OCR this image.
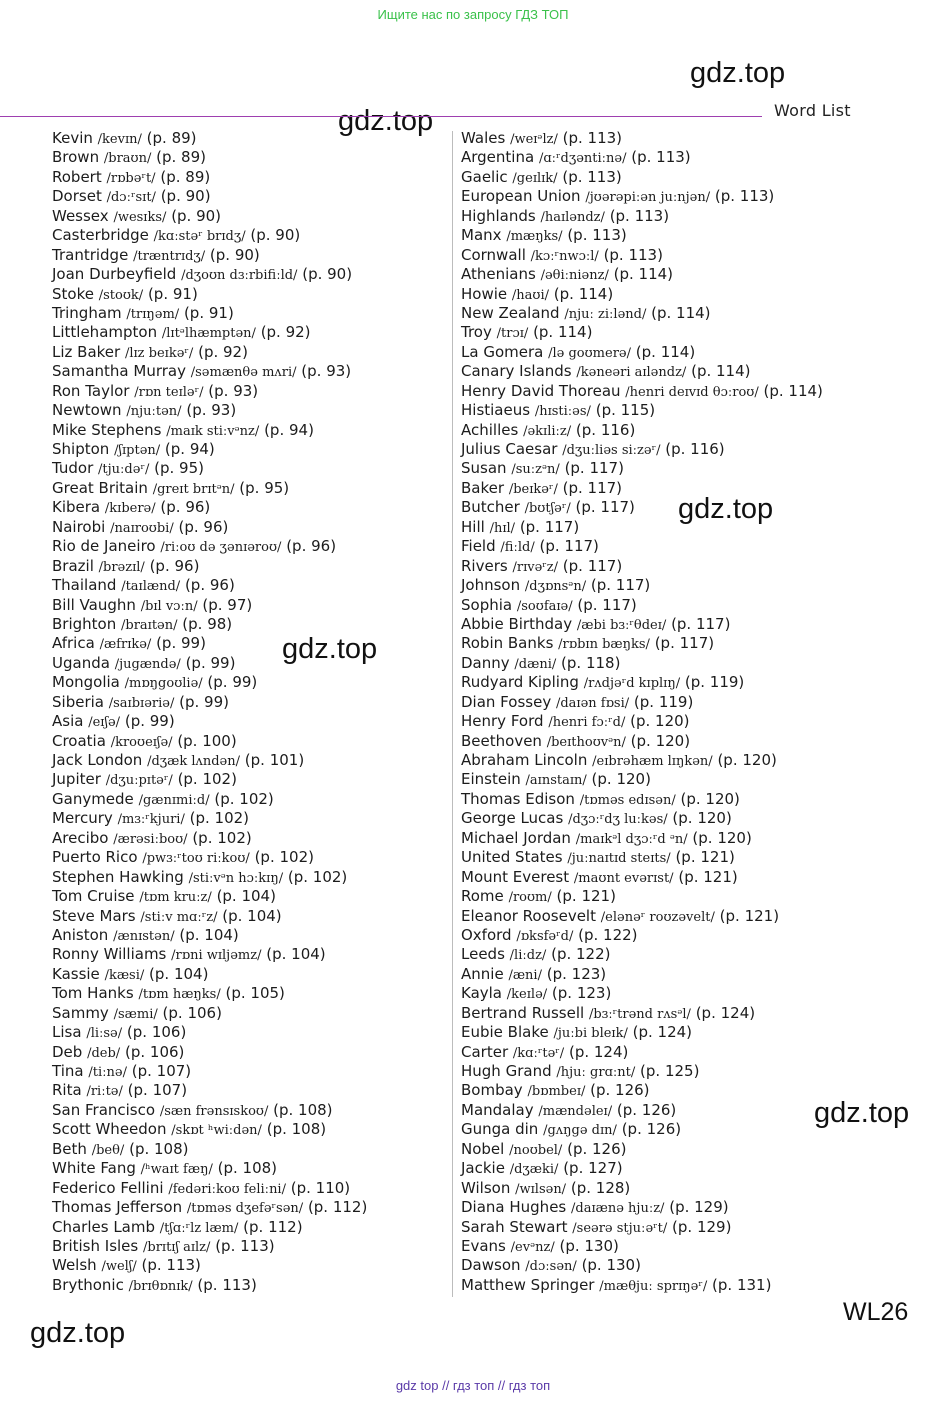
Ищите нас по запросу ГДЗ ТОП
gdz.top
gdz.top
gdz.top
gdz.top
gdz.top
gdz.top
Word List
Kevin /kevɪn/ (p. 89)
Brown /braʊn/ (p. 89)
Robert /rɒbəʳt/ (p. 89)
Dorset /dɔːʳsɪt/ (p. 90)
Wessex /wesɪks/ (p. 90)
Casterbridge /kɑːstəʳ brɪdʒ/ (p. 90)
Trantridge /træntrɪdʒ/ (p. 90)
Joan Durbeyfield /dʒoʊn dɜːrbifiːld/ (p. 90)
Stoke /stoʊk/ (p. 91)
Tringham /trɪŋəm/ (p. 91)
Littlehampton /lɪtᵊlhæmptən/ (p. 92)
Liz Baker /lɪz beɪkəʳ/ (p. 92)
Samantha Murray /səmænθə mʌri/ (p. 93)
Ron Taylor /rɒn teɪləʳ/ (p. 93)
Newtown /njuːtən/ (p. 93)
Mike Stephens /maɪk stiːvᵊnz/ (p. 94)
Shipton /ʃɪptən/ (p. 94)
Tudor /tjuːdəʳ/ (p. 95)
Great Britain /greɪt brɪtᵊn/ (p. 95)
Kibera /kɪberə/ (p. 96)
Nairobi /naɪroʊbi/ (p. 96)
Rio de Janeiro /riːoʊ də ʒənɪəroʊ/ (p. 96)
Brazil /brəzɪl/ (p. 96)
Thailand /taɪlænd/ (p. 96)
Bill Vaughn /bɪl vɔːn/ (p. 97)
Brighton /braɪtən/ (p. 98)
Africa /æfrɪkə/ (p. 99)
Uganda /jugændə/ (p. 99)
Mongolia /mɒŋgoʊliə/ (p. 99)
Siberia /saɪbɪəriə/ (p. 99)
Asia /eɪʃə/ (p. 99)
Croatia /kroʊeɪʃə/ (p. 100)
Jack London /dʒæk lʌndən/ (p. 101)
Jupiter /dʒuːpɪtəʳ/ (p. 102)
Ganymede /gænɪmiːd/ (p. 102)
Mercury /mɜːʳkjuri/ (p. 102)
Arecibo /ærəsiːboʊ/ (p. 102)
Puerto Rico /pwɜːʳtoʊ riːkoʊ/ (p. 102)
Stephen Hawking /stiːvᵊn hɔːkɪŋ/ (p. 102)
Tom Cruise /tɒm kruːz/ (p. 104)
Steve Mars /stiːv mɑːʳz/ (p. 104)
Aniston /ænɪstən/ (p. 104)
Ronny Williams /rɒni wɪljəmz/ (p. 104)
Kassie /kæsi/ (p. 104)
Tom Hanks /tɒm hæŋks/ (p. 105)
Sammy /sæmi/ (p. 106)
Lisa /liːsə/ (p. 106)
Deb /deb/ (p. 106)
Tina /tiːnə/ (p. 107)
Rita /riːtə/ (p. 107)
San Francisco /sæn frənsɪskoʊ/ (p. 108)
Scott Wheedon /skɒt ʰwiːdən/ (p. 108)
Beth /beθ/ (p. 108)
White Fang /ʰwaɪt fæŋ/ (p. 108)
Federico Fellini /fedəriːkoʊ feliːni/ (p. 110)
Thomas Jefferson /tɒməs dʒefəʳsən/ (p. 112)
Charles Lamb /tʃɑːʳlz læm/ (p. 112)
British Isles /brɪtɪʃ aɪlz/ (p. 113)
Welsh /welʃ/ (p. 113)
Brythonic /brɪθɒnɪk/ (p. 113)
Wales /weɪᵊlz/ (p. 113)
Argentina /ɑːʳdʒəntiːnə/ (p. 113)
Gaelic /geɪlɪk/ (p. 113)
European Union /jʊərəpiːən juːnjən/ (p. 113)
Highlands /haɪləndz/ (p. 113)
Manx /mæŋks/ (p. 113)
Cornwall /kɔːʳnwɔːl/ (p. 113)
Athenians /əθiːniənz/ (p. 114)
Howie /haʊi/ (p. 114)
New Zealand /njuː ziːlənd/ (p. 114)
Troy /trɔɪ/ (p. 114)
La Gomera /lə goʊmerə/ (p. 114)
Canary Islands /kəneəri aɪləndz/ (p. 114)
Henry David Thoreau /henri deɪvɪd θɔːroʊ/ (p. 114)
Histiaeus /hɪstiːəs/ (p. 115)
Achilles /əkɪliːz/ (p. 116)
Julius Caesar /dʒuːliəs siːzəʳ/ (p. 116)
Susan /suːzᵊn/ (p. 117)
Baker /beɪkəʳ/ (p. 117)
Butcher /bʊtʃəʳ/ (p. 117)
Hill /hɪl/ (p. 117)
Field /fiːld/ (p. 117)
Rivers /rɪvəʳz/ (p. 117)
Johnson /dʒɒnsᵊn/ (p. 117)
Sophia /soʊfaɪə/ (p. 117)
Abbie Birthday /æbi bɜːʳθdeɪ/ (p. 117)
Robin Banks /rɒbɪn bæŋks/ (p. 117)
Danny /dæni/ (p. 118)
Rudyard Kipling /rʌdjəʳd kɪplɪŋ/ (p. 119)
Dian Fossey /daɪən fɒsi/ (p. 119)
Henry Ford /henri fɔːʳd/ (p. 120)
Beethoven /beɪthoʊvᵊn/ (p. 120)
Abraham Lincoln /eɪbrəhæm lɪŋkən/ (p. 120)
Einstein /aɪnstaɪn/ (p. 120)
Thomas Edison /tɒməs edɪsən/ (p. 120)
George Lucas /dʒɔːʳdʒ luːkəs/ (p. 120)
Michael Jordan /maɪkᵊl dʒɔːʳd ᵊn/ (p. 120)
United States /juːnaɪtɪd steɪts/ (p. 121)
Mount Everest /maʊnt evərɪst/ (p. 121)
Rome /roʊm/ (p. 121)
Eleanor Roosevelt /elənəʳ roʊzəvelt/ (p. 121)
Oxford /ɒksfəʳd/ (p. 122)
Leeds /liːdz/ (p. 122)
Annie /æni/ (p. 123)
Kayla /keɪlə/ (p. 123)
Bertrand Russell /bɜːʳtrənd rʌsᵊl/ (p. 124)
Eubie Blake /juːbi bleɪk/ (p. 124)
Carter /kɑːʳtəʳ/ (p. 124)
Hugh Grand /hjuː grɑːnt/ (p. 125)
Bombay /bɒmbeɪ/ (p. 126)
Mandalay /mændəleɪ/ (p. 126)
Gunga din /gʌŋgə dɪn/ (p. 126)
Nobel /noʊbel/ (p. 126)
Jackie /dʒæki/ (p. 127)
Wilson /wɪlsən/ (p. 128)
Diana Hughes /daɪænə hjuːz/ (p. 129)
Sarah Stewart /seərə stjuːəʳt/ (p. 129)
Evans /evᵊnz/ (p. 130)
Dawson /dɔːsən/ (p. 130)
Matthew Springer /mæθjuː sprɪŋəʳ/ (p. 131)
WL26
gdz top // гдз топ // гдз топ
